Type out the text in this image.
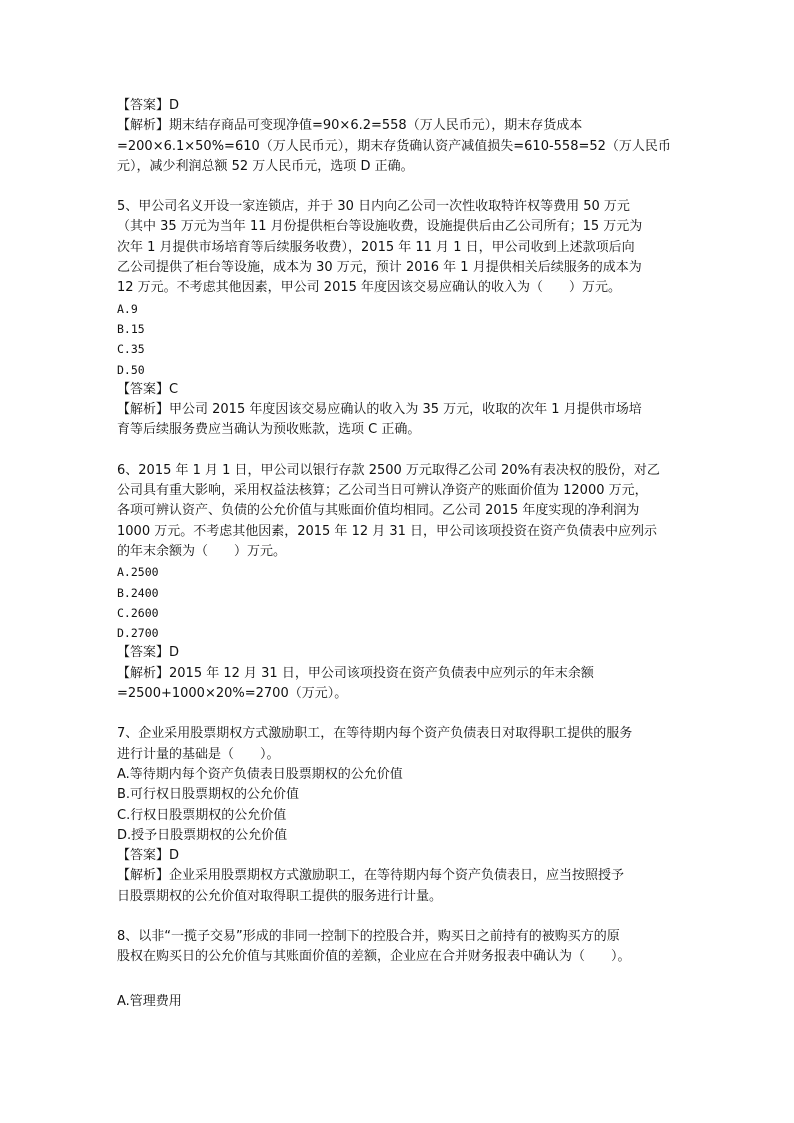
【答案】D
【解析】期末结存商品可变现净值=90×6.2=558（万人民币元），期末存货成本
=200×6.1×50%=610（万人民币元），期末存货确认资产减值损失=610-558=52（万人民币
元），减少利润总额 52 万人民币元，选项 D 正确。
5、甲公司名义开设一家连锁店，并于 30 日内向乙公司一次性收取特许权等费用 50 万元
（其中 35 万元为当年 11 月份提供柜台等设施收费，设施提供后由乙公司所有；15 万元为
次年 1 月提供市场培育等后续服务收费），2015 年 11 月 1 日，甲公司收到上述款项后向
乙公司提供了柜台等设施，成本为 30 万元，预计 2016 年 1 月提供相关后续服务的成本为
12 万元。不考虑其他因素，甲公司 2015 年度因该交易应确认的收入为（　　）万元。
A.9
B.15
C.35
D.50
【答案】C
【解析】甲公司 2015 年度因该交易应确认的收入为 35 万元，收取的次年 1 月提供市场培
育等后续服务费应当确认为预收账款，选项 C 正确。
6、2015 年 1 月 1 日，甲公司以银行存款 2500 万元取得乙公司 20%有表决权的股份，对乙
公司具有重大影响，采用权益法核算；乙公司当日可辨认净资产的账面价值为 12000 万元，
各项可辨认资产、负债的公允价值与其账面价值均相同。乙公司 2015 年度实现的净利润为
1000 万元。不考虑其他因素，2015 年 12 月 31 日，甲公司该项投资在资产负债表中应列示
的年末余额为（　　）万元。
A.2500
B.2400
C.2600
D.2700
【答案】D
【解析】2015 年 12 月 31 日，甲公司该项投资在资产负债表中应列示的年末余额
=2500+1000×20%=2700（万元）。
7、企业采用股票期权方式激励职工，在等待期内每个资产负债表日对取得职工提供的服务
进行计量的基础是（　　）。
A.等待期内每个资产负债表日股票期权的公允价值
B.可行权日股票期权的公允价值
C.行权日股票期权的公允价值
D.授予日股票期权的公允价值
【答案】D
【解析】企业采用股票期权方式激励职工，在等待期内每个资产负债表日，应当按照授予
日股票期权的公允价值对取得职工提供的服务进行计量。
8、以非“一揽子交易”形成的非同一控制下的控股合并，购买日之前持有的被购买方的原
股权在购买日的公允价值与其账面价值的差额，企业应在合并财务报表中确认为（　　）。
A.管理费用
